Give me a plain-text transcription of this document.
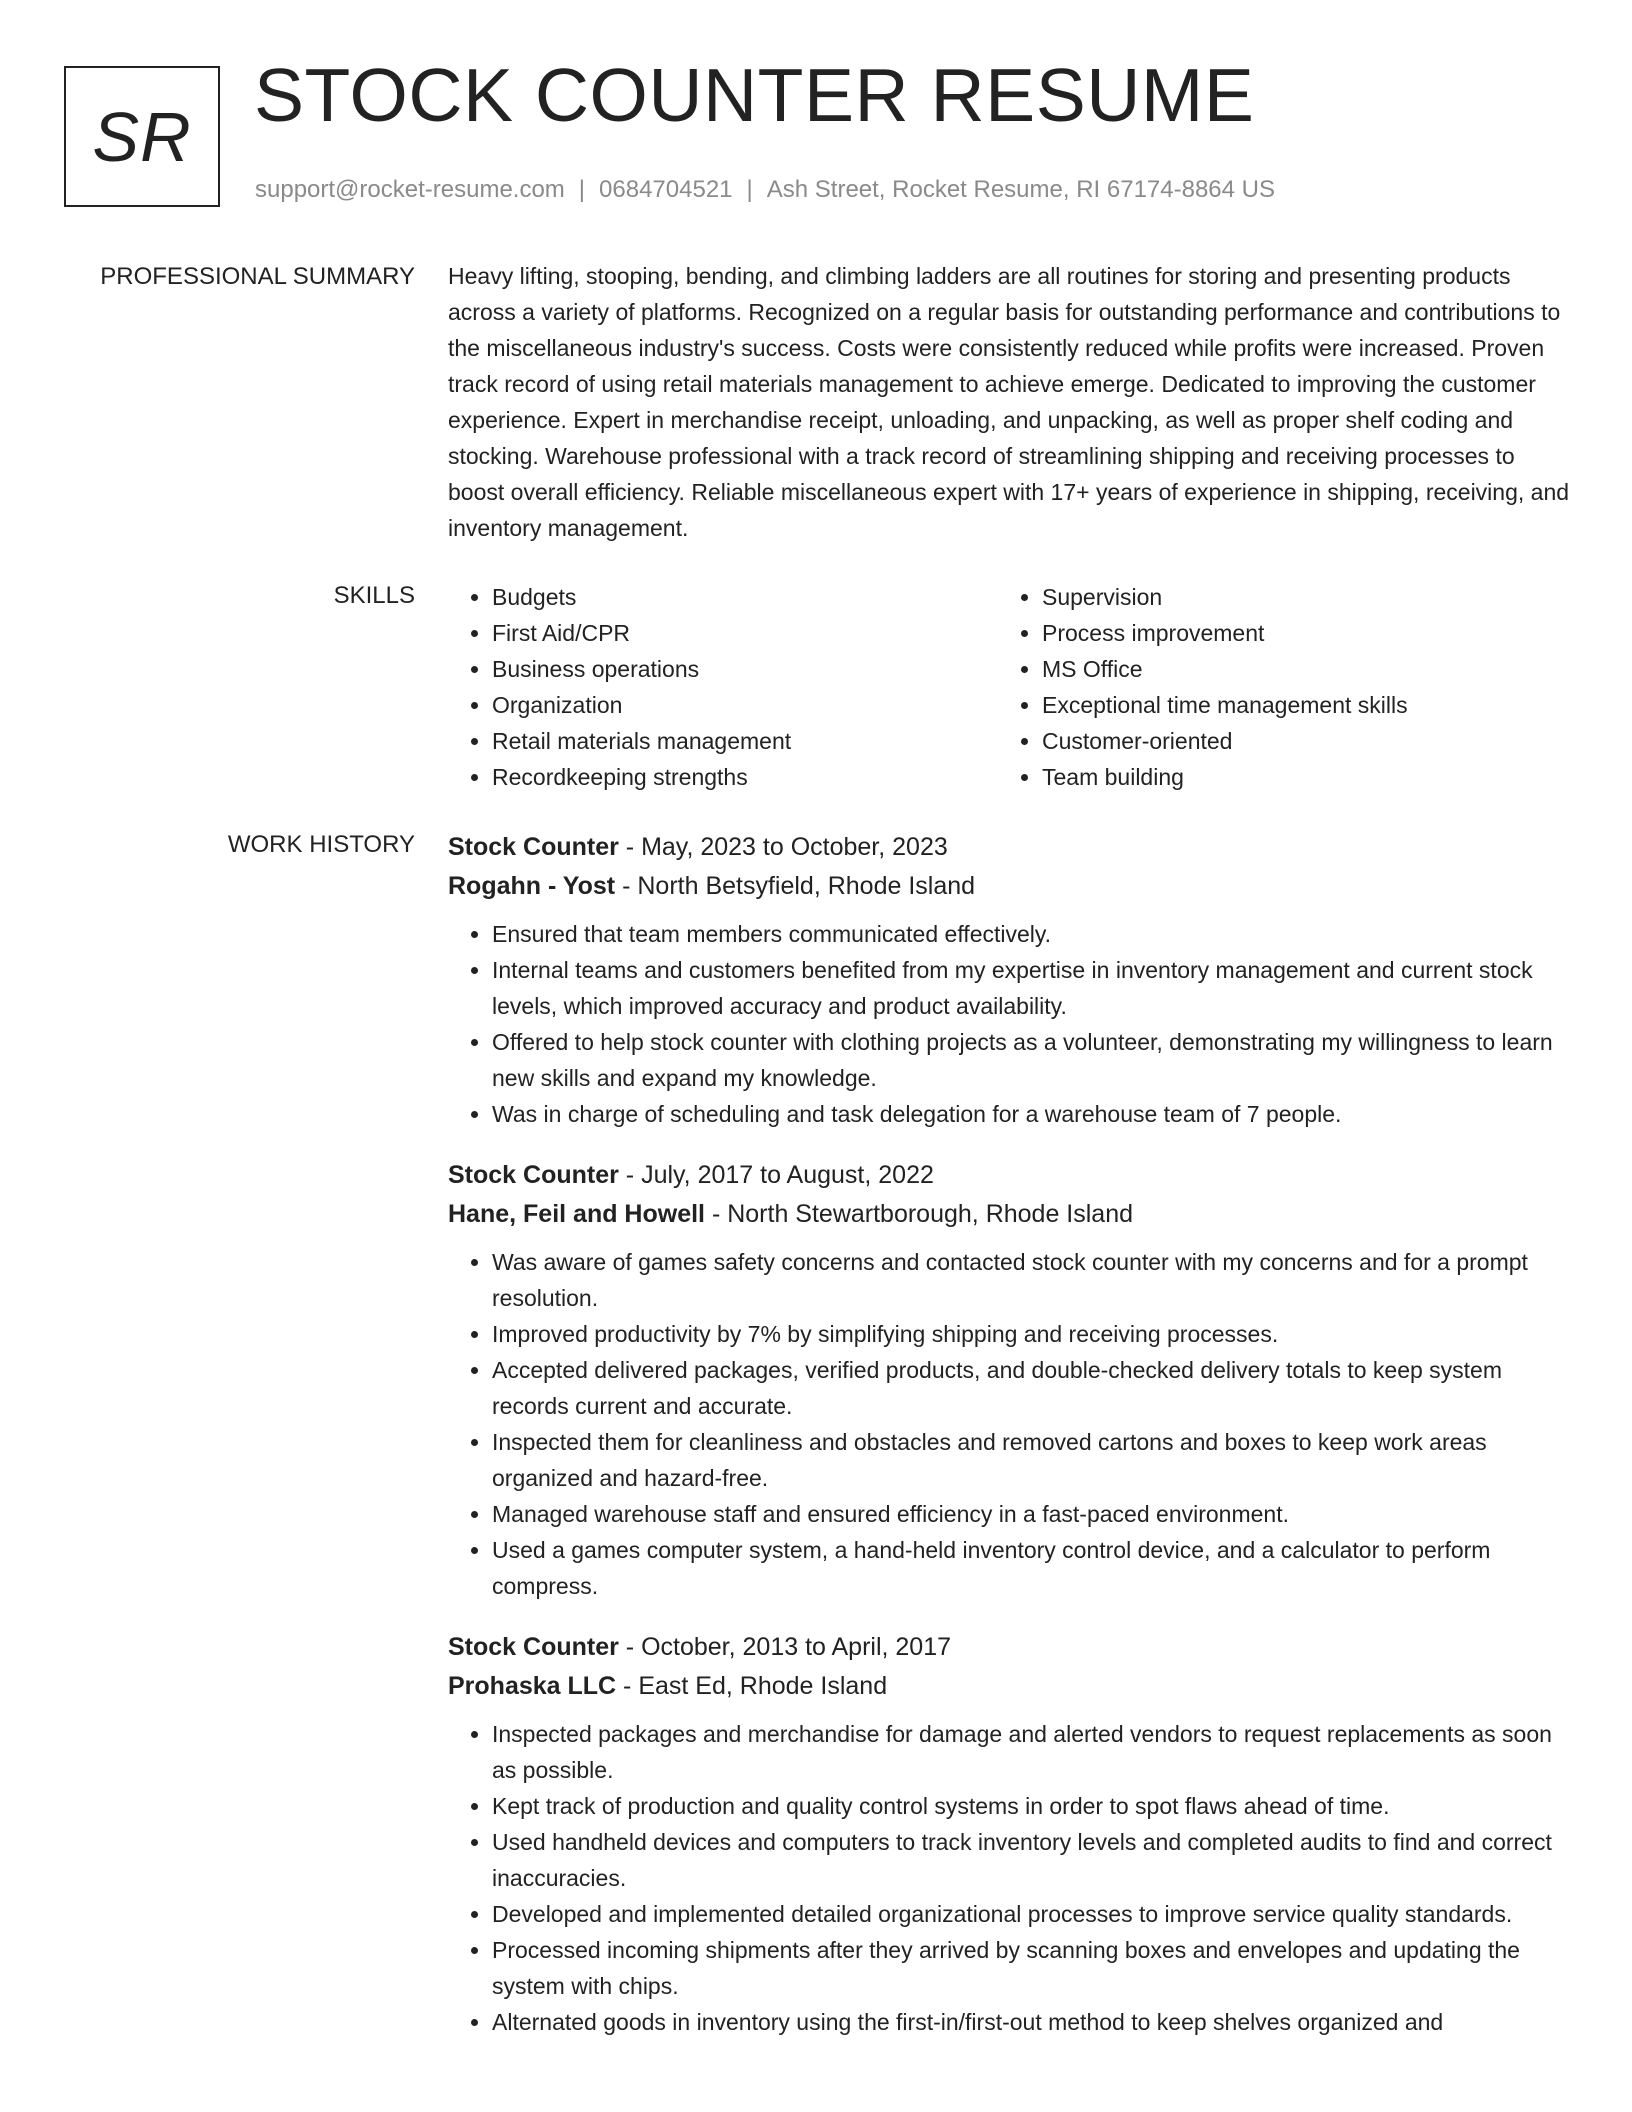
SR STOCK COUNTER RESUME
support@rocket-resume.com | 0684704521 | Ash Street, Rocket Resume, RI 67174-8864 US
PROFESSIONAL SUMMARY Heavy lifting, stooping, bending, and climbing ladders are all routines for storing and presenting products across a variety of platforms. Recognized on a regular basis for outstanding performance and contributions to the miscellaneous industry's success. Costs were consistently reduced while profits were increased. Proven track record of using retail materials management to achieve emerge. Dedicated to improving the customer experience. Expert in merchandise receipt, unloading, and unpacking, as well as proper shelf coding and stocking. Warehouse professional with a track record of streamlining shipping and receiving processes to boost overall efficiency. Reliable miscellaneous expert with 17+ years of experience in shipping, receiving, and inventory management.

SKILLS
•	Budgets
• First Aid/CPR
• Business operations
• Organization
• Retail materials management
• Recordkeeping strengths
• Supervision
• Process improvement
• MS Office
• Exceptional time management skills
• Customer-oriented
• Team building
WORK HISTORY Stock Counter - May, 2023 to October, 2023
Rogahn - Yost - North Betsyfield, Rhode Island
• Ensured that team members communicated effectively.
• Internal teams and customers benefited from my expertise in inventory management and current stock levels, which improved accuracy and product availability.
• Offered to help stock counter with clothing projects as a volunteer, demonstrating my willingness to learn new skills and expand my knowledge.
• Was in charge of scheduling and task delegation for a warehouse team of 7 people.
Stock Counter - July, 2017 to August, 2022
Hane, Feil and Howell - North Stewartborough, Rhode Island
• Was aware of games safety concerns and contacted stock counter with my concerns and for a prompt resolution.
• Improved productivity by 7% by simplifying shipping and receiving processes.
• Accepted delivered packages, verified products, and double-checked delivery totals to keep system records current and accurate.
• Inspected them for cleanliness and obstacles and removed cartons and boxes to keep work areas organized and hazard-free.
• Managed warehouse staff and ensured efficiency in a fast-paced environment.
• Used a games computer system, a hand-held inventory control device, and a calculator to perform compress.
Stock Counter - October, 2013 to April, 2017
Prohaska LLC - East Ed, Rhode Island
• Inspected packages and merchandise for damage and alerted vendors to request replacements as soon as possible.
• Kept track of production and quality control systems in order to spot flaws ahead of time.
• Used handheld devices and computers to track inventory levels and completed audits to find and correct inaccuracies.
• Developed and implemented detailed organizational processes to improve service quality standards.
• Processed incoming shipments after they arrived by scanning boxes and envelopes and updating the system with chips.
• Alternated goods in inventory using the first-in/first-out method to keep shelves organized and
